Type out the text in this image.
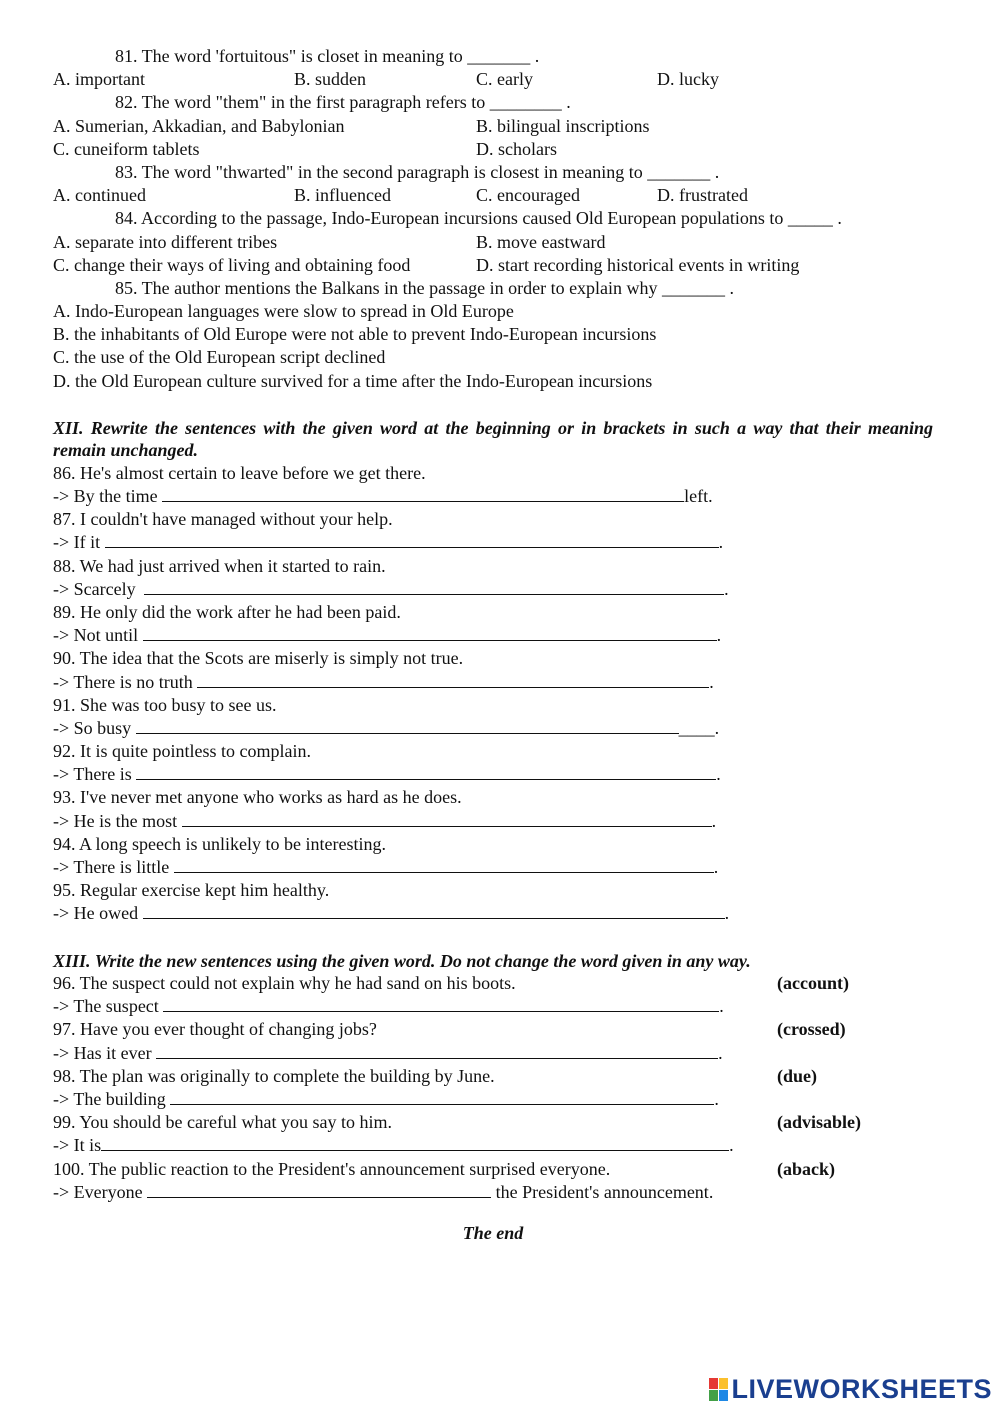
81. The word 'fortuitous" is closet in meaning to _______ .
A. important	B. sudden	C. early	D. lucky
82. The word "them" in the first paragraph refers to ________ .
A. Sumerian, Akkadian, and Babylonian	B. bilingual inscriptions
C. cuneiform tablets	D. scholars
83. The word "thwarted" in the second paragraph is closest in meaning to _______ .
A. continued	B. influenced	C. encouraged	D. frustrated
84. According to the passage, Indo-European incursions caused Old European populations to _____ .
A. separate into different tribes	B. move eastward
C. change their ways of living and obtaining food	D. start recording historical events in writing
85. The author mentions the Balkans in the passage in order to explain why _______ .
A. Indo-European languages were slow to spread in Old Europe
B. the inhabitants of Old Europe were not able to prevent Indo-European incursions
C. the use of the Old European script declined
D. the Old European culture survived for a time after the Indo-European incursions
XII. Rewrite the sentences with the given word at the beginning or in brackets in such a way that their meaning remain unchanged.
86. He's almost certain to leave before we get there.
-> By the time	left.
87. I couldn't have managed without your help.
-> If it	.
88. We had just arrived when it started to rain.
-> Scarcely	.
89. He only did the work after he had been paid.
-> Not until	.
90. The idea that the Scots are miserly is simply not true.
-> There is no truth	.
91. She was too busy to see us.
-> So busy	____.
92. It is quite pointless to complain.
-> There is	.
93. I've never met anyone who works as hard as he does.
-> He is the most	.
94. A long speech is unlikely to be interesting.
-> There is little	.
95. Regular exercise kept him healthy.
-> He owed	.
XIII. Write the new sentences using the given word. Do not change the word given in any way.
96. The suspect could not explain why he had sand on his boots.	(account)
-> The suspect	.
97. Have you ever thought of changing jobs?	(crossed)
-> Has it ever	.
98. The plan was originally to complete the building by June.	(due)
-> The building	.
99. You should be careful what you say to him.	(advisable)
-> It is	.
100. The public reaction to the President's announcement surprised everyone.	(aback)
-> Everyone	the President's announcement.
The end
LIVEWORKSHEETS
